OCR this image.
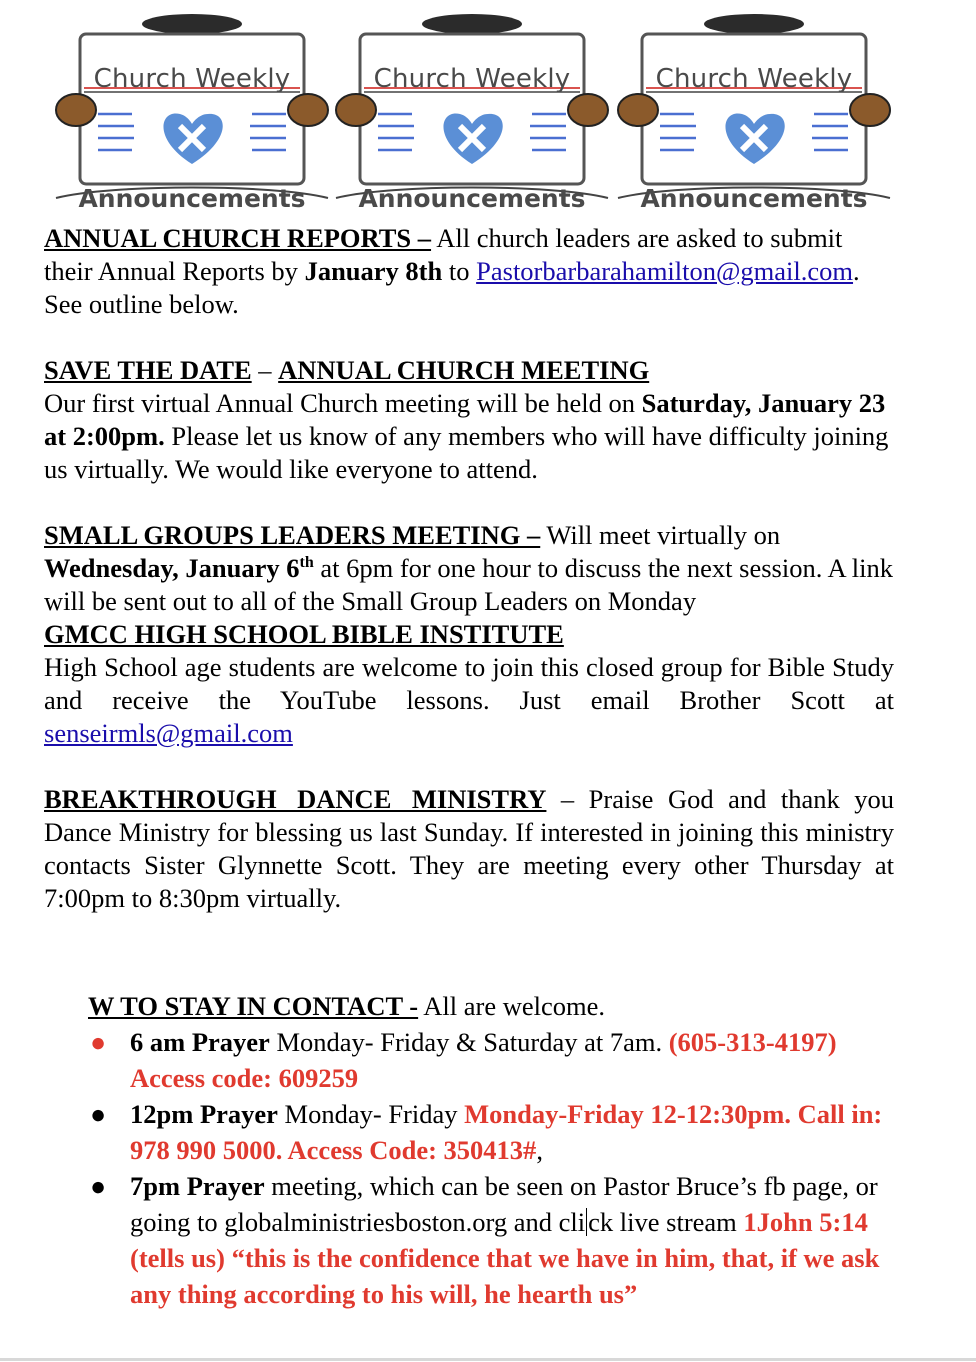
Church Weekly
Announcements
Church Weekly
Announcements
Church Weekly
Announcements

ANNUAL CHURCH REPORTS – All church leaders are asked to submit their Annual Reports by January 8th to Pastorbarbarahamilton@gmail.com. See outline below.

SAVE THE DATE – ANNUAL CHURCH MEETING

Our first virtual Annual Church meeting will be held on Saturday, January 23 at 2:00pm. Please let us know of any members who will have difficulty joining us virtually. We would like everyone to attend.

SMALL GROUPS LEADERS MEETING – Will meet virtually on Wednesday, January 6th at 6pm for one hour to discuss the next session. A link will be sent out to all of the Small Group Leaders on Monday

GMCC HIGH SCHOOL BIBLE INSTITUTE

High School age students are welcome to join this closed group for Bible Study and receive the YouTube lessons. Just email Brother Scott at senseirmls@gmail.com

BREAKTHROUGH DANCE MINISTRY – Praise God and thank you Dance Ministry for blessing us last Sunday. If interested in joining this ministry contacts Sister Glynnette Scott. They are meeting every other Thursday at 7:00pm to 8:30pm virtually.

W TO STAY IN CONTACT - All are welcome.

● 6 am Prayer Monday- Friday & Saturday at 7am. (605-313-4197) Access code: 609259
● 12pm Prayer Monday- Friday Monday-Friday 12-12:30pm. Call in: 978 990 5000. Access Code: 350413#,
● 7pm Prayer meeting, which can be seen on Pastor Bruce’s fb page, or going to globalministriesboston.org and cli ck live stream 1John 5:14 (tells us) “this is the confidence that we have in him, that, if we ask any thing according to his will, he hearth us”
